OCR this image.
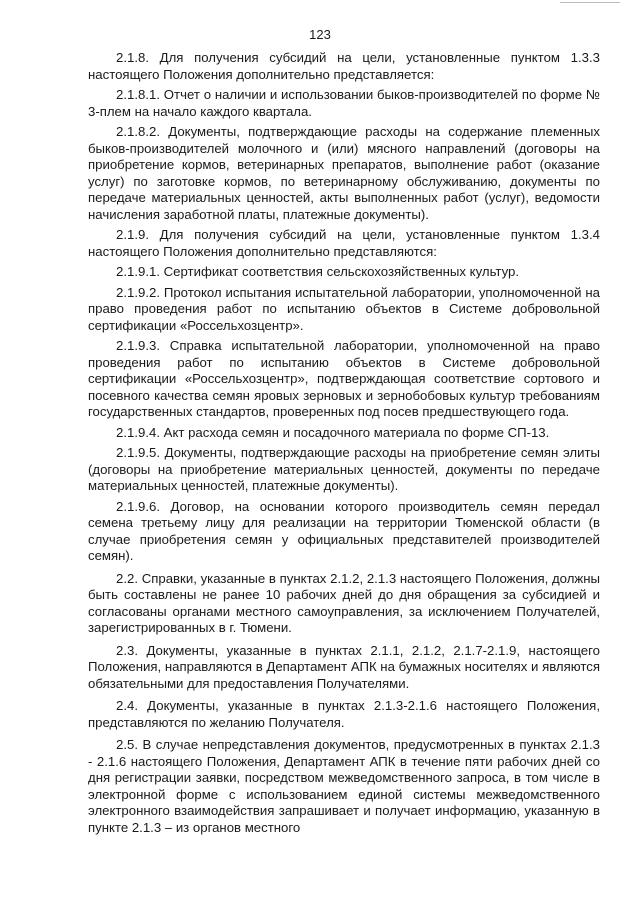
123

2.1.8. Для получения субсидий на цели, установленные пунктом 1.3.3 настоящего Положения дополнительно представляется:

2.1.8.1. Отчет о наличии и использовании быков-производителей по форме № 3-плем на начало каждого квартала.

2.1.8.2. Документы, подтверждающие расходы на содержание племенных быков-производителей молочного и (или) мясного направлений (договоры на приобретение кормов, ветеринарных препаратов, выполнение работ (оказание услуг) по заготовке кормов, по ветеринарному обслуживанию, документы по передаче материальных ценностей, акты выполненных работ (услуг), ведомости начисления заработной платы, платежные документы).

2.1.9. Для получения субсидий на цели, установленные пунктом 1.3.4 настоящего Положения дополнительно представляются:

2.1.9.1. Сертификат соответствия сельскохозяйственных культур.

2.1.9.2. Протокол испытания испытательной лаборатории, уполномоченной на право проведения работ по испытанию объектов в Системе добровольной сертификации «Россельхозцентр».

2.1.9.3. Справка испытательной лаборатории, уполномоченной на право проведения работ по испытанию объектов в Системе добровольной сертификации «Россельхозцентр», подтверждающая соответствие сортового и посевного качества семян яровых зерновых и зернобобовых культур требованиям государственных стандартов, проверенных под посев предшествующего года.

2.1.9.4. Акт расхода семян и посадочного материала по форме СП-13.

2.1.9.5. Документы, подтверждающие расходы на приобретение семян элиты (договоры на приобретение материальных ценностей, документы по передаче материальных ценностей, платежные документы).

2.1.9.6. Договор, на основании которого производитель семян передал семена третьему лицу для реализации на территории Тюменской области (в случае приобретения семян у официальных представителей производителей семян).

2.2. Справки, указанные в пунктах 2.1.2, 2.1.3 настоящего Положения, должны быть составлены не ранее 10 рабочих дней до дня обращения за субсидией и согласованы органами местного самоуправления, за исключением Получателей, зарегистрированных в г. Тюмени.

2.3. Документы, указанные в пунктах 2.1.1, 2.1.2, 2.1.7-2.1.9, настоящего Положения, направляются в Департамент АПК на бумажных носителях и являются обязательными для предоставления Получателями.

2.4. Документы, указанные в пунктах 2.1.3-2.1.6 настоящего Положения, представляются по желанию Получателя.

2.5. В случае непредставления документов, предусмотренных в пунктах 2.1.3 - 2.1.6 настоящего Положения, Департамент АПК в течение пяти рабочих дней со дня регистрации заявки, посредством межведомственного запроса, в том числе в электронной форме с использованием единой системы межведомственного электронного взаимодействия запрашивает и получает информацию, указанную в пункте 2.1.3 – из органов местного
